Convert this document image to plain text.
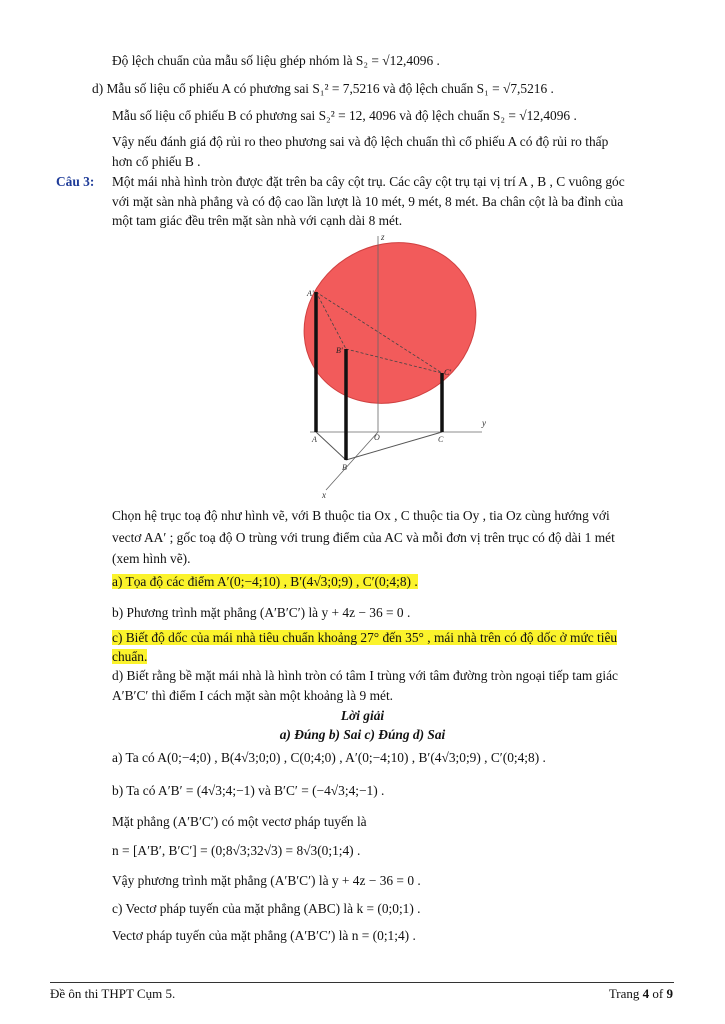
Độ lệch chuẩn của mẫu số liệu ghép nhóm là S₂ = √12,4096 .
d) Mẫu số liệu cổ phiếu A có phương sai S₁² = 7,5216 và độ lệch chuẩn S₁ = √7,5216 .
Mẫu số liệu cổ phiếu B có phương sai S₂² = 12, 4096 và độ lệch chuẩn S₂ = √12,4096 .
Vậy nếu đánh giá độ rủi ro theo phương sai và độ lệch chuẩn thì cổ phiếu A có độ rủi ro thấp
hơn cổ phiếu B .
Câu 3: Một mái nhà hình tròn được đặt trên ba cây cột trụ. Các cây cột trụ tại vị trí A , B , C vuông góc
với mặt sàn nhà phẳng và có độ cao lần lượt là 10 mét, 9 mét, 8 mét. Ba chân cột là ba đỉnh của
một tam giác đều trên mặt sàn nhà với cạnh dài 8 mét.
z
y
x
O
A
B
C
A'
B'
C'
Chọn hệ trục toạ độ như hình vẽ, với B thuộc tia Ox , C thuộc tia Oy , tia Oz cùng hướng với
vectơ AA′ ; gốc toạ độ O trùng với trung điểm của AC và mỗi đơn vị trên trục có độ dài 1 mét
(xem hình vẽ).
a) Tọa độ các điểm A′(0;−4;10) , B′(4√3;0;9) , C′(0;4;8) .
b) Phương trình mặt phẳng (A′B′C′) là y + 4z − 36 = 0 .
c) Biết độ dốc của mái nhà tiêu chuẩn khoảng 27° đến 35° , mái nhà trên có độ dốc ở mức tiêu
chuẩn.
d) Biết rằng bề mặt mái nhà là hình tròn có tâm I trùng với tâm đường tròn ngoại tiếp tam giác
A′B′C′ thì điểm I cách mặt sàn một khoảng là 9 mét.
Lời giải
a) Đúng b) Sai c) Đúng d) Sai
a) Ta có A(0;−4;0) , B(4√3;0;0) , C(0;4;0) , A′(0;−4;10) , B′(4√3;0;9) , C′(0;4;8) .
b) Ta có A′B′ = (4√3;4;−1) và B′C′ = (−4√3;4;−1) .
Mặt phẳng (A′B′C′) có một vectơ pháp tuyến là
n = [A′B′, B′C′] = (0;8√3;32√3) = 8√3(0;1;4) .
Vậy phương trình mặt phẳng (A′B′C′) là y + 4z − 36 = 0 .
c) Vectơ pháp tuyến của mặt phẳng (ABC) là k = (0;0;1) .
Vectơ pháp tuyến của mặt phẳng (A′B′C′) là n = (0;1;4) .
Đề ôn thi THPT Cụm 5.	Trang 4 of 9
